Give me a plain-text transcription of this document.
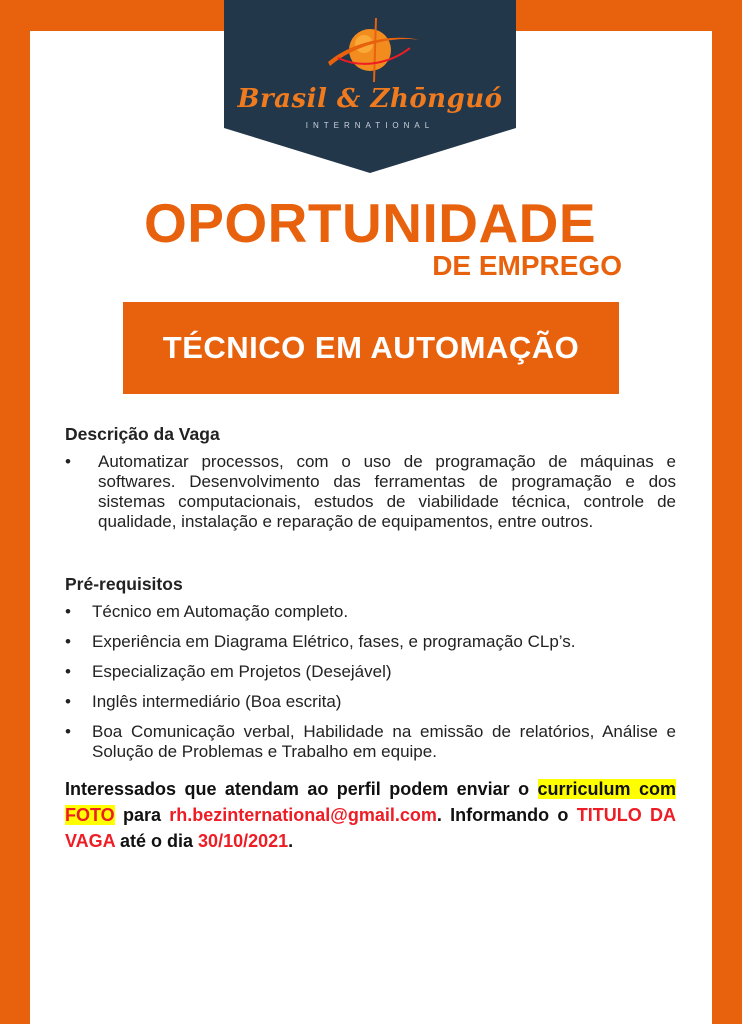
Brasil & Zhōnguó
INTERNATIONAL
OPORTUNIDADE
DE EMPREGO
TÉCNICO EM AUTOMAÇÃO
Descrição da Vaga
• Automatizar processos, com o uso de programação de máquinas e softwares. Desenvolvimento das ferramentas de programação e dos sistemas computacionais, estudos de viabilidade técnica, controle de qualidade, instalação e reparação de equipamentos, entre outros.
Pré-requisitos
• Técnico em Automação completo.
• Experiência em Diagrama Elétrico, fases, e programação CLp’s.
• Especialização em Projetos (Desejável)
• Inglês intermediário (Boa escrita)
• Boa Comunicação verbal, Habilidade na emissão de relatórios, Análise e Solução de Problemas e Trabalho em equipe.
Interessados que atendam ao perfil podem enviar o curriculum com FOTO para rh.bezinternational@gmail.com. Informando o TITULO DA VAGA até o dia 30/10/2021.
